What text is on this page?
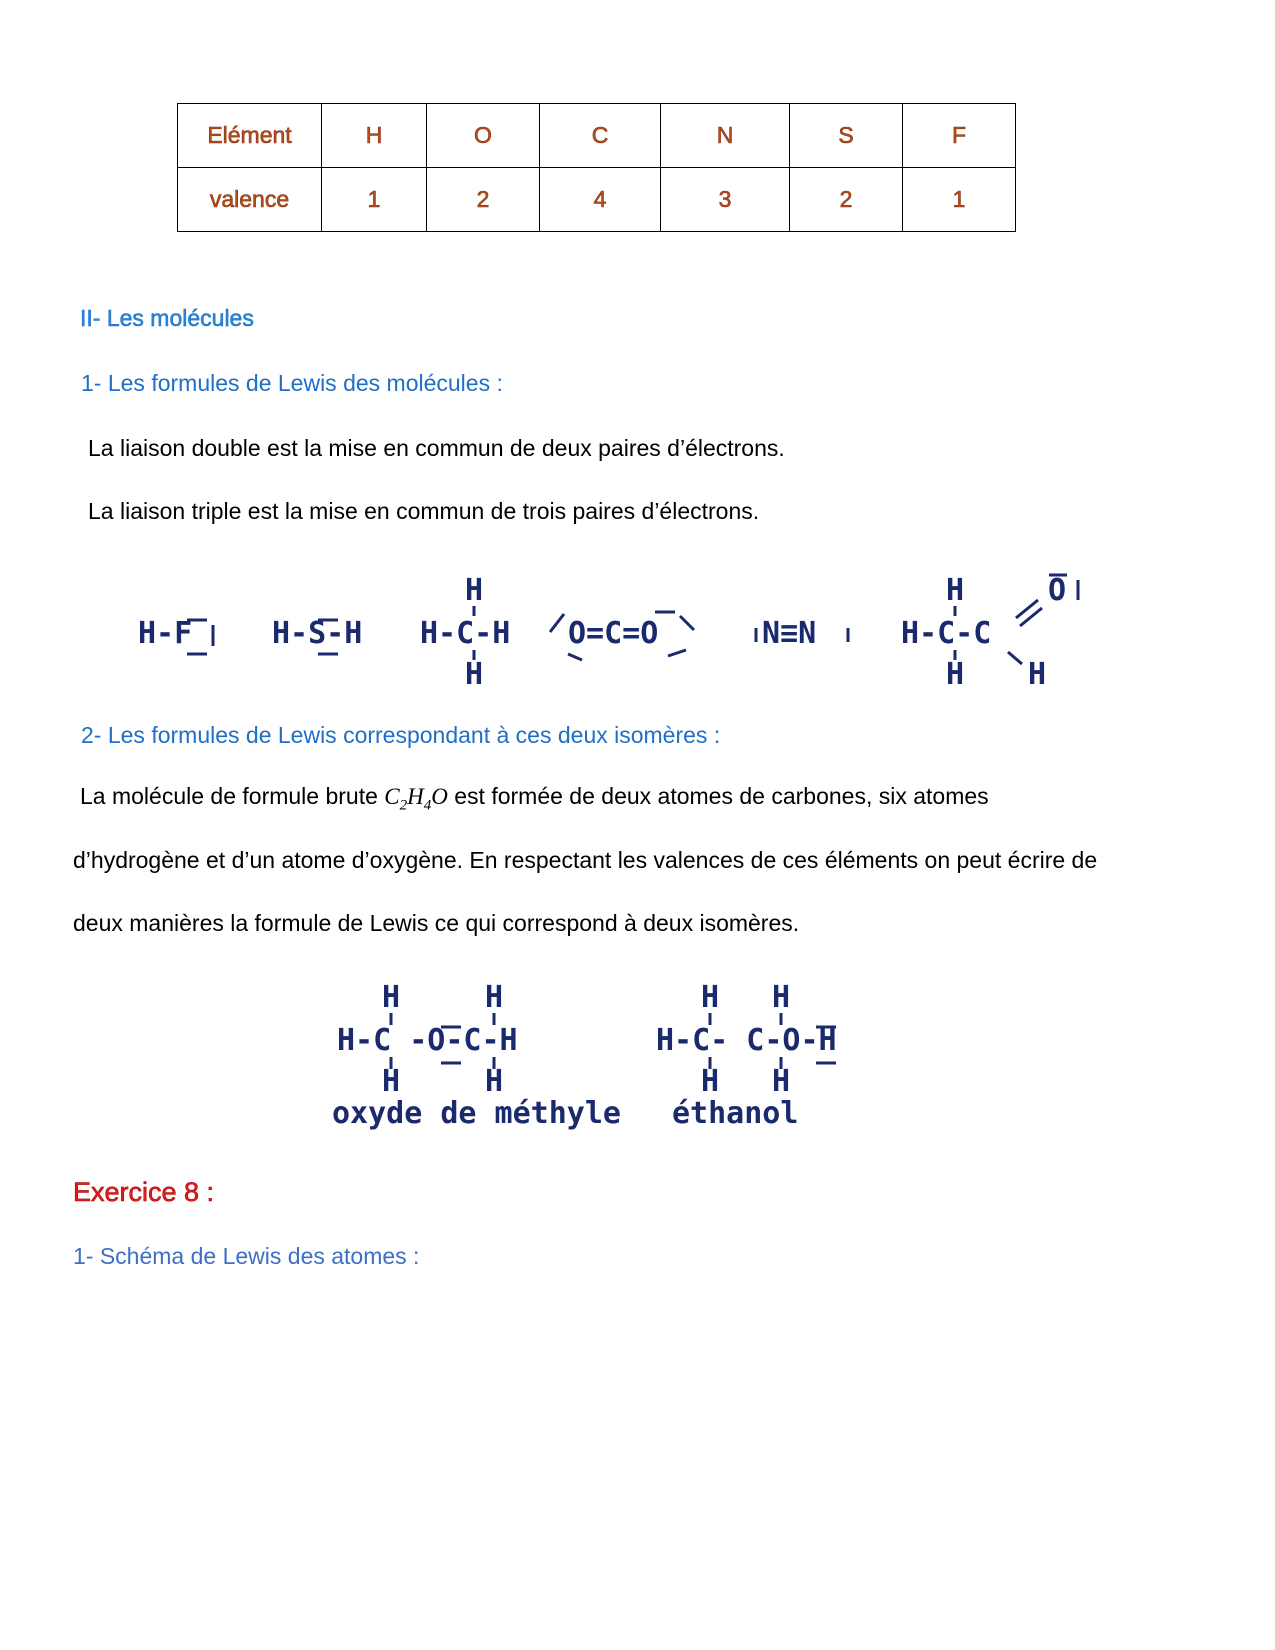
Elément	H	O	C	N	S	F
valence	1	2	4	3	2	1
II- Les molécules
1- Les formules de Lewis des molécules :
La liaison double est la mise en commun de deux paires d’électrons.
La liaison triple est la mise en commun de trois paires d’électrons.
H-F	H-S-H
H
H-C-H
H
O=C=O	N≡N
H
H-C-C
H
O
H
2- Les formules de Lewis correspondant à ces deux isomères :
La molécule de formule brute $C_2H_4O$ est formée de deux atomes de carbones, six atomes
d’hydrogène et d’un atome d’oxygène. En respectant les valences de ces éléments on peut écrire de
deux manières la formule de Lewis ce qui correspond à deux isomères.
H
H-C -O-C-H
H
H
H
H
H-C- C-O-H
H
H
H
oxyde de méthyle éthanol
Exercice 8 :
1- Schéma de Lewis des atomes :
